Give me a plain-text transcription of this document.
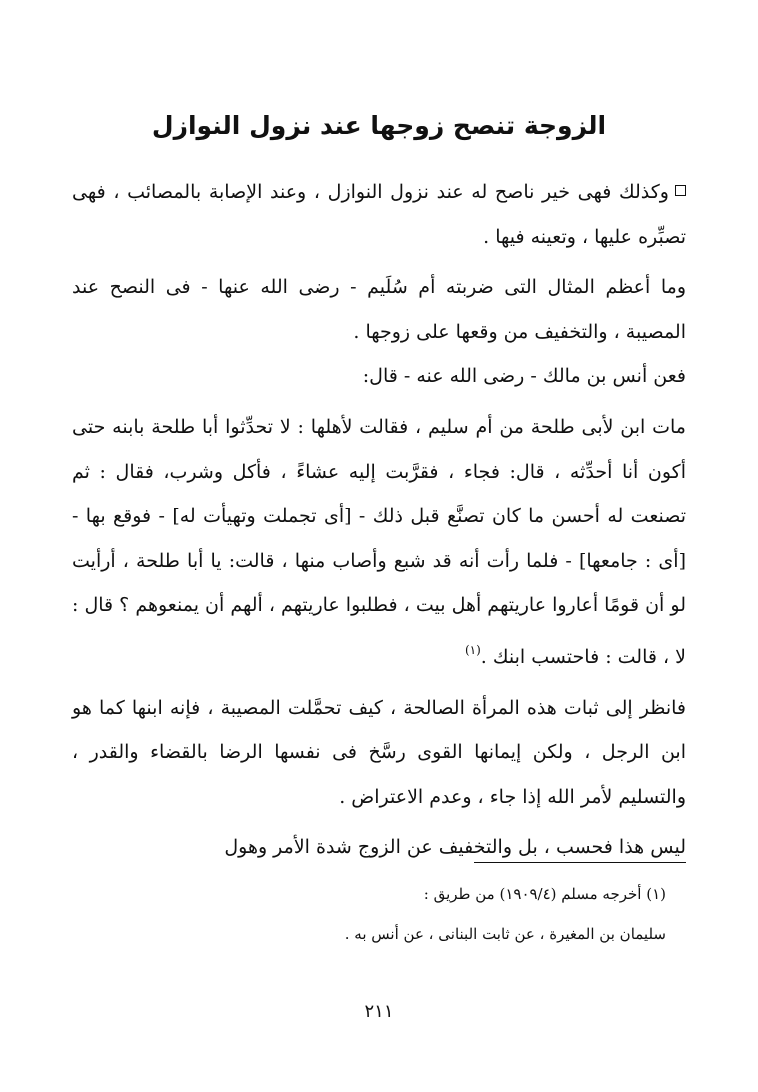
الزوجة تنصح زوجها عند نزول النوازل

وكذلك فهى خير ناصح له عند نزول النوازل ، وعند الإصابة بالمصائب ، فهى تصبِّره عليها ، وتعينه فيها .

وما أعظم المثال التى ضربته أم سُلَيم - رضى الله عنها - فى النصح عند المصيبة ، والتخفيف من وقعها على زوجها .

فعن أنس بن مالك - رضى الله عنه - قال:

مات ابن لأبى طلحة من أم سليم ، فقالت لأهلها : لا تحدِّثوا أبا طلحة بابنه حتى أكون أنا أحدِّثه ، قال: فجاء ، فقرَّبت إليه عشاءً ، فأكل وشرب، فقال : ثم تصنعت له أحسن ما كان تصنَّع قبل ذلك - [أى تجملت وتهيأت له] - فوقع بها - [أى : جامعها] - فلما رأت أنه قد شبع وأصاب منها ، قالت: يا أبا طلحة ، أرأيت لو أن قومًا أعاروا عاريتهم أهل بيت ، فطلبوا عاريتهم ، ألهم أن يمنعوهم ؟ قال : لا ، قالت : فاحتسب ابنك .$^{(١)}$

فانظر إلى ثبات هذه المرأة الصالحة ، كيف تحمَّلت المصيبة ، فإنه ابنها كما هو ابن الرجل ، ولكن إيمانها القوى رسَّخ فى نفسها الرضا بالقضاء والقدر ، والتسليم لأمر الله إذا جاء ، وعدم الاعتراض .

ليس هذا فحسب ، بل والتخفيف عن الزوج شدة الأمر وهول

(١) أخرجه مسلم (١٩٠٩/٤) من طريق :

سليمان بن المغيرة ، عن ثابت البنانى ، عن أنس به .

٢١١
